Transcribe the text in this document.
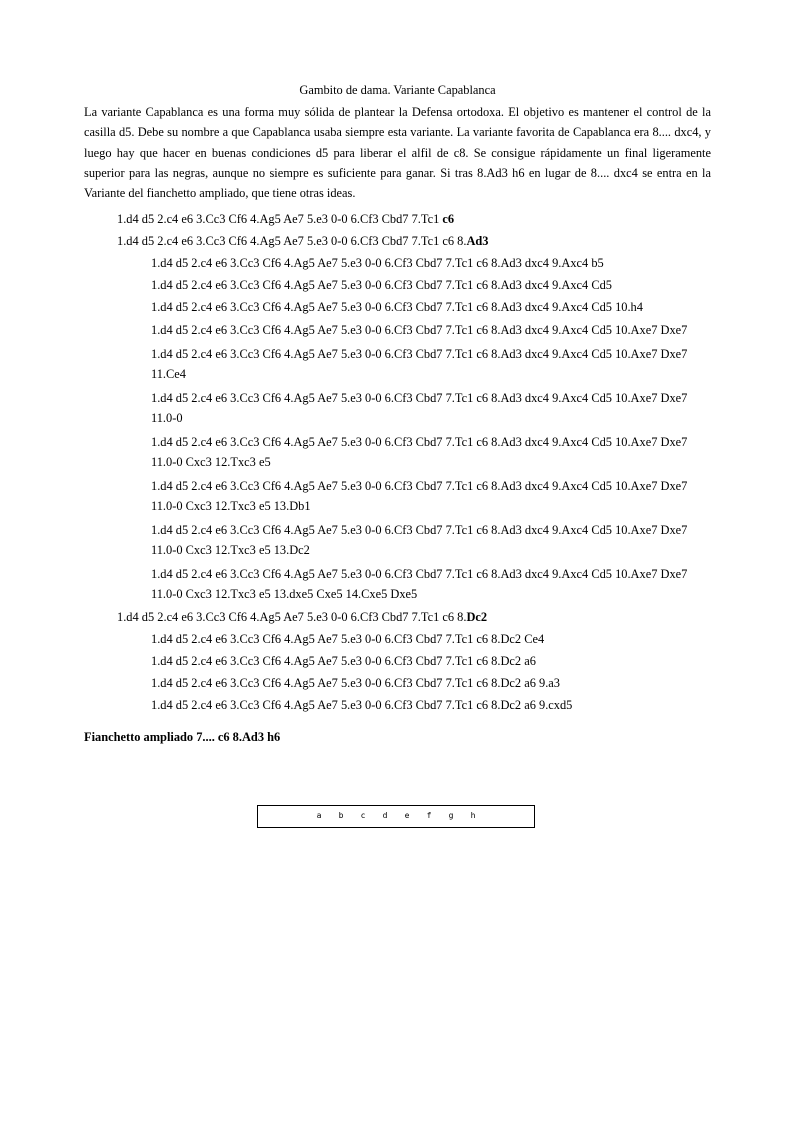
Gambito de dama. Variante Capablanca
La variante Capablanca es una forma muy sólida de plantear la Defensa ortodoxa. El objetivo es mantener el control de la casilla d5. Debe su nombre a que Capablanca usaba siempre esta variante. La variante favorita de Capablanca era 8.... dxc4, y luego hay que hacer en buenas condiciones d5 para liberar el alfil de c8. Se consigue rápidamente un final ligeramente superior para las negras, aunque no siempre es suficiente para ganar. Si tras 8.Ad3 h6 en lugar de 8.... dxc4 se entra en la Variante del fianchetto ampliado, que tiene otras ideas.
1.d4 d5 2.c4 e6 3.Cc3 Cf6 4.Ag5 Ae7 5.e3 0-0 6.Cf3 Cbd7 7.Tc1 c6
1.d4 d5 2.c4 e6 3.Cc3 Cf6 4.Ag5 Ae7 5.e3 0-0 6.Cf3 Cbd7 7.Tc1 c6 8.Ad3
1.d4 d5 2.c4 e6 3.Cc3 Cf6 4.Ag5 Ae7 5.e3 0-0 6.Cf3 Cbd7 7.Tc1 c6 8.Ad3 dxc4 9.Axc4 b5
1.d4 d5 2.c4 e6 3.Cc3 Cf6 4.Ag5 Ae7 5.e3 0-0 6.Cf3 Cbd7 7.Tc1 c6 8.Ad3 dxc4 9.Axc4 Cd5
1.d4 d5 2.c4 e6 3.Cc3 Cf6 4.Ag5 Ae7 5.e3 0-0 6.Cf3 Cbd7 7.Tc1 c6 8.Ad3 dxc4 9.Axc4 Cd5 10.h4
1.d4 d5 2.c4 e6 3.Cc3 Cf6 4.Ag5 Ae7 5.e3 0-0 6.Cf3 Cbd7 7.Tc1 c6 8.Ad3 dxc4 9.Axc4 Cd5 10.Axe7 Dxe7
1.d4 d5 2.c4 e6 3.Cc3 Cf6 4.Ag5 Ae7 5.e3 0-0 6.Cf3 Cbd7 7.Tc1 c6 8.Ad3 dxc4 9.Axc4 Cd5 10.Axe7 Dxe7 11.Ce4
1.d4 d5 2.c4 e6 3.Cc3 Cf6 4.Ag5 Ae7 5.e3 0-0 6.Cf3 Cbd7 7.Tc1 c6 8.Ad3 dxc4 9.Axc4 Cd5 10.Axe7 Dxe7 11.0-0
1.d4 d5 2.c4 e6 3.Cc3 Cf6 4.Ag5 Ae7 5.e3 0-0 6.Cf3 Cbd7 7.Tc1 c6 8.Ad3 dxc4 9.Axc4 Cd5 10.Axe7 Dxe7 11.0-0 Cxc3 12.Txc3 e5
1.d4 d5 2.c4 e6 3.Cc3 Cf6 4.Ag5 Ae7 5.e3 0-0 6.Cf3 Cbd7 7.Tc1 c6 8.Ad3 dxc4 9.Axc4 Cd5 10.Axe7 Dxe7 11.0-0 Cxc3 12.Txc3 e5 13.Db1
1.d4 d5 2.c4 e6 3.Cc3 Cf6 4.Ag5 Ae7 5.e3 0-0 6.Cf3 Cbd7 7.Tc1 c6 8.Ad3 dxc4 9.Axc4 Cd5 10.Axe7 Dxe7 11.0-0 Cxc3 12.Txc3 e5 13.Dc2
1.d4 d5 2.c4 e6 3.Cc3 Cf6 4.Ag5 Ae7 5.e3 0-0 6.Cf3 Cbd7 7.Tc1 c6 8.Ad3 dxc4 9.Axc4 Cd5 10.Axe7 Dxe7 11.0-0 Cxc3 12.Txc3 e5 13.dxe5 Cxe5 14.Cxe5 Dxe5
1.d4 d5 2.c4 e6 3.Cc3 Cf6 4.Ag5 Ae7 5.e3 0-0 6.Cf3 Cbd7 7.Tc1 c6 8.Dc2
1.d4 d5 2.c4 e6 3.Cc3 Cf6 4.Ag5 Ae7 5.e3 0-0 6.Cf3 Cbd7 7.Tc1 c6 8.Dc2 Ce4
1.d4 d5 2.c4 e6 3.Cc3 Cf6 4.Ag5 Ae7 5.e3 0-0 6.Cf3 Cbd7 7.Tc1 c6 8.Dc2 a6
1.d4 d5 2.c4 e6 3.Cc3 Cf6 4.Ag5 Ae7 5.e3 0-0 6.Cf3 Cbd7 7.Tc1 c6 8.Dc2 a6 9.a3
1.d4 d5 2.c4 e6 3.Cc3 Cf6 4.Ag5 Ae7 5.e3 0-0 6.Cf3 Cbd7 7.Tc1 c6 8.Dc2 a6 9.cxd5
Fianchetto ampliado 7.... c6 8.Ad3 h6
a	b	c	d	e	f	g	h
